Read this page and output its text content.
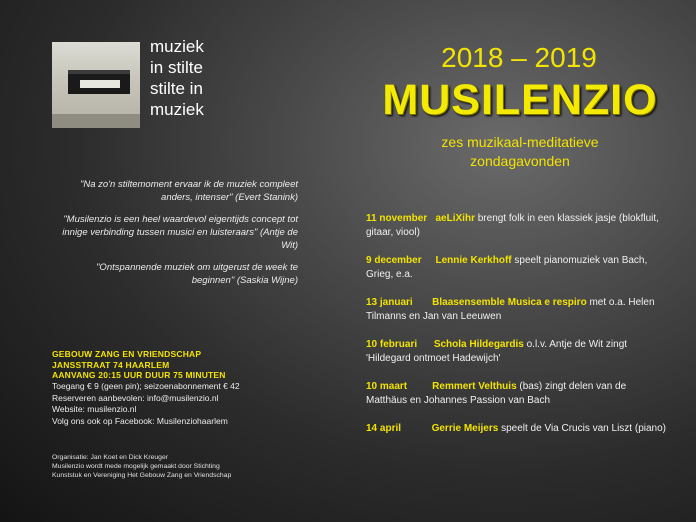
muziek
in stilte
stilte in
muziek
2018 – 2019
MUSILENZIO
zes muzikaal-meditatieve
zondagavonden

"Na zo'n stiltemoment ervaar ik de muziek compleet anders, intenser" (Evert Stanink)

"Musilenzio is een heel waardevol eigentijds concept tot innige verbinding tussen musici en luisteraars" (Antje de Wit)

"Ontspannende muziek om uitgerust de week te beginnen" (Saskia Wijne)

11 november aeLiXihr brengt folk in een klassiek jasje (blokfluit, gitaar, viool)
9 december Lennie Kerkhoff speelt pianomuziek van Bach, Grieg, e.a.
13 januari Blaasensemble Musica e respiro met o.a. Helen Tilmanns en Jan van Leeuwen
10 februari Schola Hildegardis o.l.v. Antje de Wit zingt 'Hildegard ontmoet Hadewijch'
10 maart	Remmert Velthuis (bas) zingt delen van de Matthäus en Johannes Passion van Bach
14 april	Gerrie Meijers speelt de Via Crucis van Liszt (piano)
GEBOUW ZANG EN VRIENDSCHAP
JANSSTRAAT 74 HAARLEM
AANVANG 20:15 UUR DUUR 75 MINUTEN
Toegang € 9 (geen pin); seizoenabonnement € 42
Reserveren aanbevolen: info@musilenzio.nl
Website: musilenzio.nl
Volg ons ook op Facebook: Musilenziohaarlem
Organisatie: Jan Koet en Dick Kreuger
Musilenzio wordt mede mogelijk gemaakt door Stichting
Kunststuk en Vereniging Het Gebouw Zang en Vriendschap
